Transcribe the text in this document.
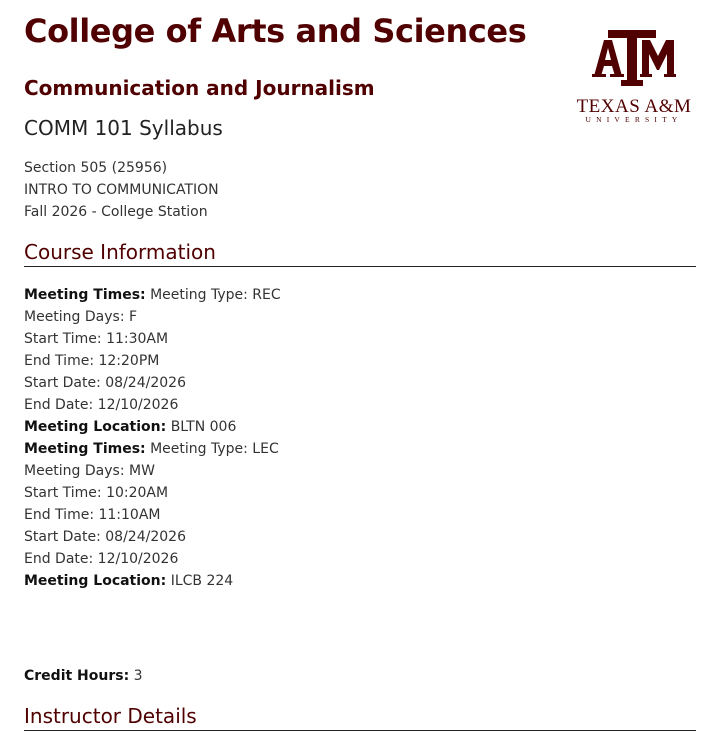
College of Arts and Sciences
Communication and Journalism
COMM 101 Syllabus
TEXAS A&M
UNIVERSITY
Section 505 (25956)
INTRO TO COMMUNICATION
Fall 2026 - College Station
Course Information
Meeting Times: Meeting Type: REC
Meeting Days: F
Start Time: 11:30AM
End Time: 12:20PM
Start Date: 08/24/2026
End Date: 12/10/2026
Meeting Location: BLTN 006
Meeting Times: Meeting Type: LEC
Meeting Days: MW
Start Time: 10:20AM
End Time: 11:10AM
Start Date: 08/24/2026
End Date: 12/10/2026
Meeting Location: ILCB 224
Credit Hours: 3
Instructor Details
